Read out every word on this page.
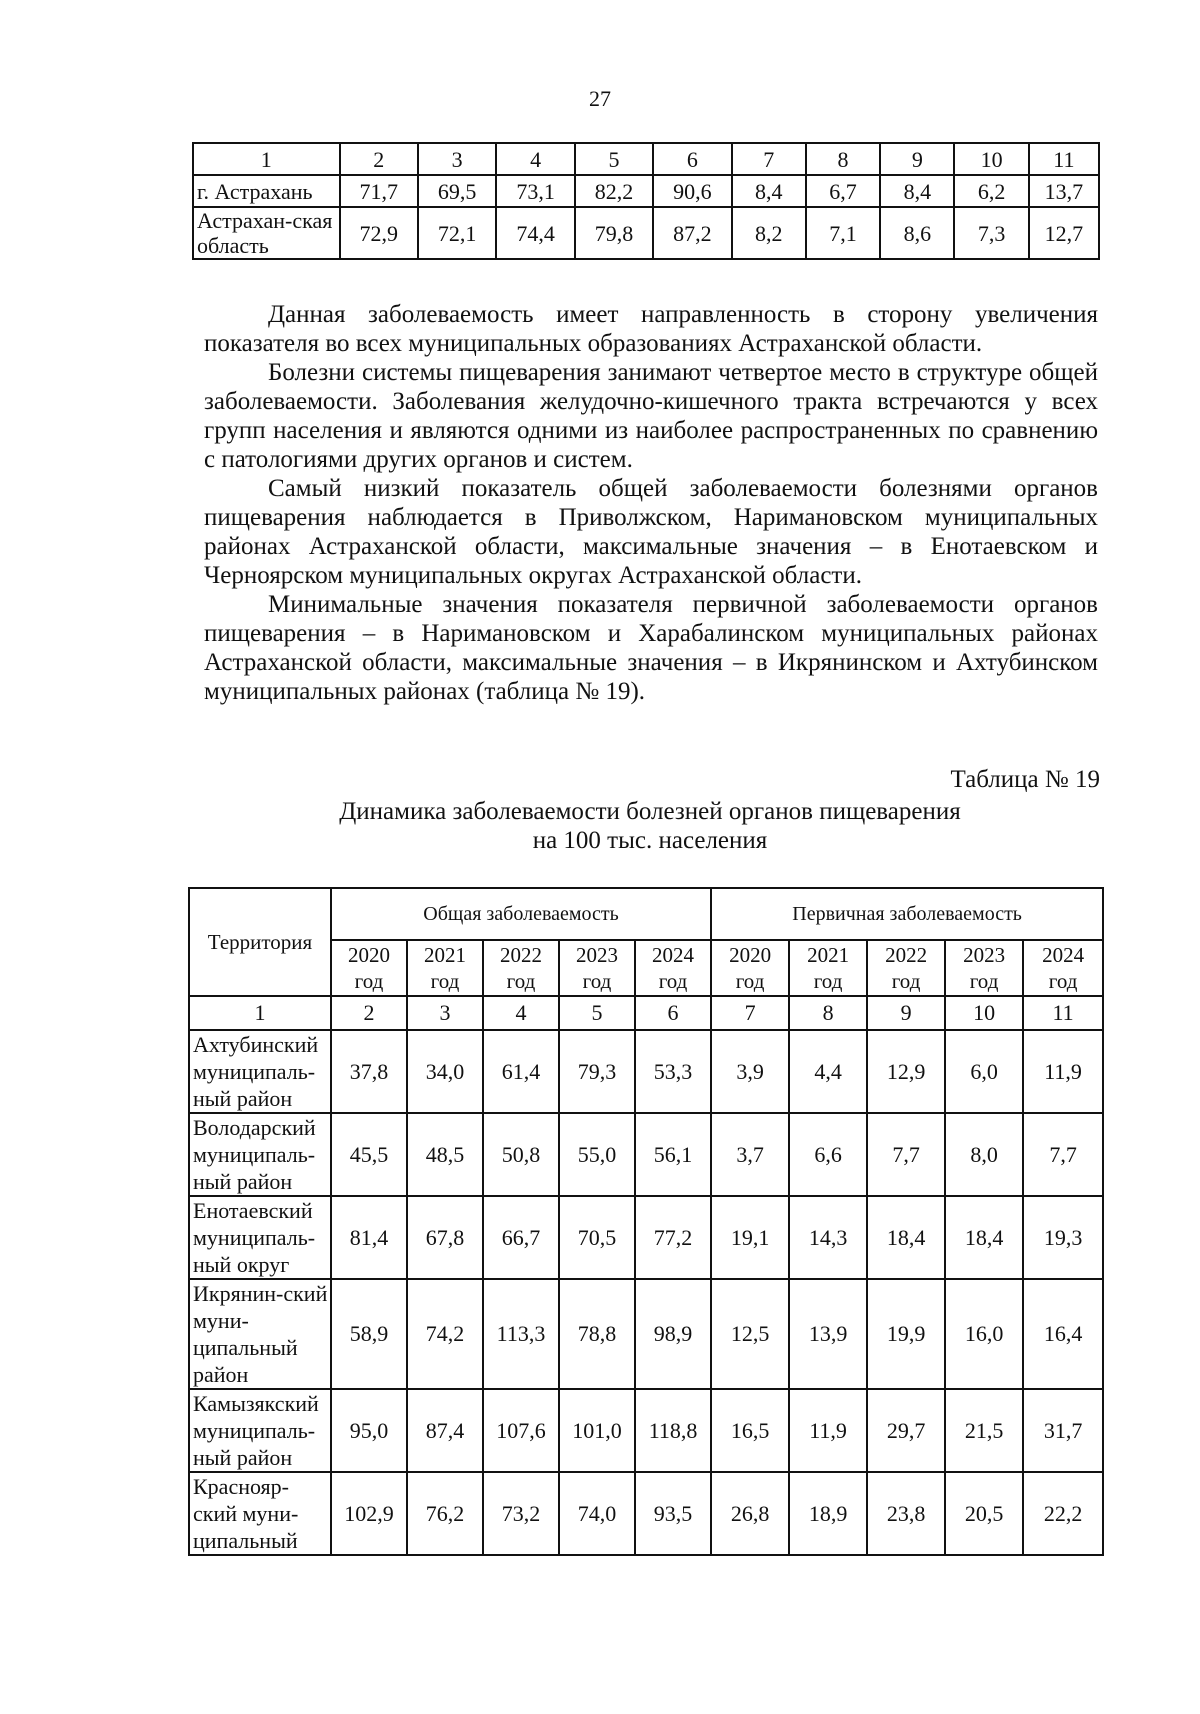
27
1	2	3	4	5	6	7	8	9	10	11
г. Астрахань	71,7	69,5	73,1	82,2	90,6	8,4	6,7	8,4	6,2	13,7
Астрахан-ская область	72,9	72,1	74,4	79,8	87,2	8,2	7,1	8,6	7,3	12,7

Данная заболеваемость имеет направленность в сторону увеличения показателя во всех муниципальных образованиях Астраханской области.

Болезни системы пищеварения занимают четвертое место в структуре общей заболеваемости. Заболевания желудочно-кишечного тракта встречаются у всех групп населения и являются одними из наиболее распространенных по сравнению с патологиями других органов и систем.

Самый низкий показатель общей заболеваемости болезнями органов пищеварения наблюдается в Приволжском, Наримановском муниципальных районах Астраханской области, максимальные значения – в Енотаевском и Черноярском муниципальных округах Астраханской области.

Минимальные значения показателя первичной заболеваемости органов пищеварения – в Наримановском и Харабалинском муниципальных районах Астраханской области, максимальные значения – в Икрянинском и Ахтубинском муниципальных районах (таблица № 19).

Таблица № 19
Динамика заболеваемости болезней органов пищеварения
на 100 тыс. населения
Территория	Общая заболеваемость					Первичная заболеваемость				
	2020 год	2021 год	2022 год	2023 год	2024 год	2020 год	2021 год	2022 год	2023 год	2024 год
1	2	3	4	5	6	7	8	9	10	11
Ахтубинский муниципаль-ный район	37,8	34,0	61,4	79,3	53,3	3,9	4,4	12,9	6,0	11,9
Володарский муниципаль-ный район	45,5	48,5	50,8	55,0	56,1	3,7	6,6	7,7	8,0	7,7
Енотаевский муниципаль-ный округ	81,4	67,8	66,7	70,5	77,2	19,1	14,3	18,4	18,4	19,3
Икрянин-ский муни-ципальный район	58,9	74,2	113,3	78,8	98,9	12,5	13,9	19,9	16,0	16,4
Камызякский муниципаль-ный район	95,0	87,4	107,6	101,0	118,8	16,5	11,9	29,7	21,5	31,7
Краснояр-ский муни-ципальный	102,9	76,2	73,2	74,0	93,5	26,8	18,9	23,8	20,5	22,2
